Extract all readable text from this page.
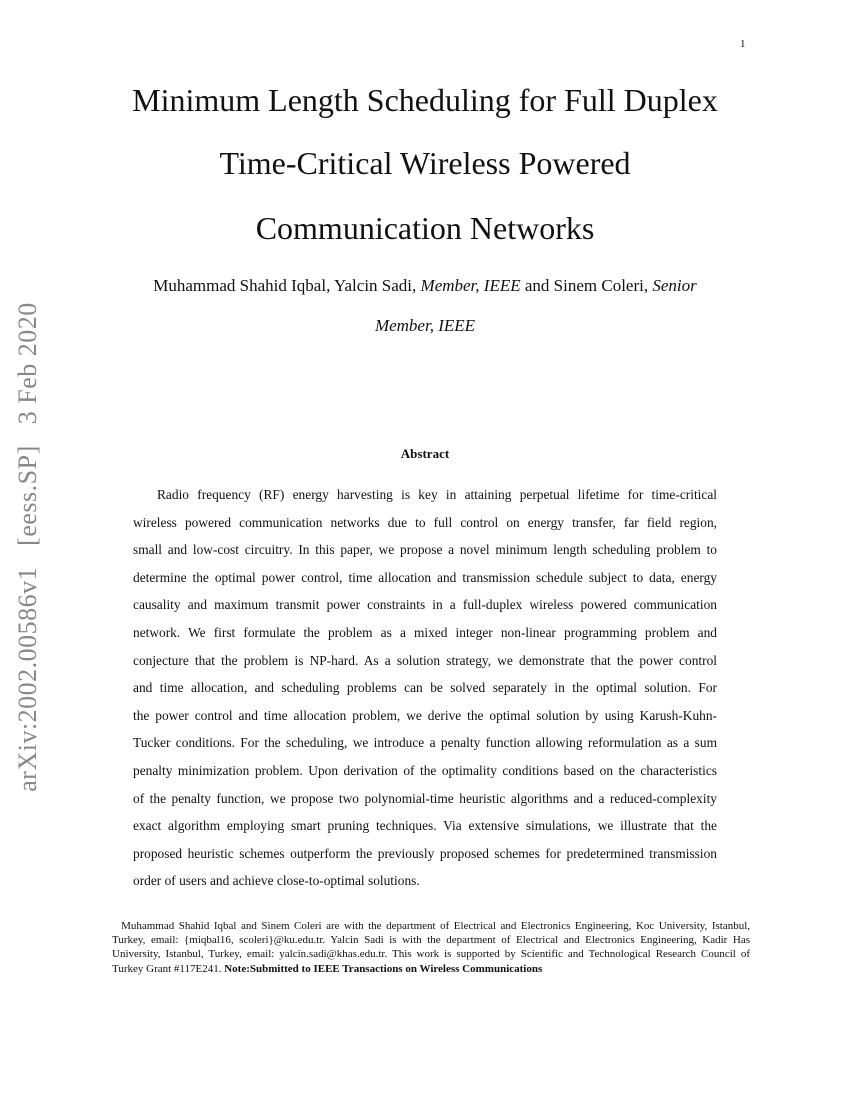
1
arXiv:2002.00586v1 [eess.SP] 3 Feb 2020
Minimum Length Scheduling for Full Duplex
Time-Critical Wireless Powered
Communication Networks
Muhammad Shahid Iqbal, Yalcin Sadi, Member, IEEE and Sinem Coleri, Senior
Member, IEEE
Abstract
Radio frequency (RF) energy harvesting is key in attaining perpetual lifetime for time-critical
wireless powered communication networks due to full control on energy transfer, far field region,
small and low-cost circuitry. In this paper, we propose a novel minimum length scheduling problem to
determine the optimal power control, time allocation and transmission schedule subject to data, energy
causality and maximum transmit power constraints in a full-duplex wireless powered communication
network. We first formulate the problem as a mixed integer non-linear programming problem and
conjecture that the problem is NP-hard. As a solution strategy, we demonstrate that the power control
and time allocation, and scheduling problems can be solved separately in the optimal solution. For
the power control and time allocation problem, we derive the optimal solution by using Karush-Kuhn-
Tucker conditions. For the scheduling, we introduce a penalty function allowing reformulation as a sum
penalty minimization problem. Upon derivation of the optimality conditions based on the characteristics
of the penalty function, we propose two polynomial-time heuristic algorithms and a reduced-complexity
exact algorithm employing smart pruning techniques. Via extensive simulations, we illustrate that the
proposed heuristic schemes outperform the previously proposed schemes for predetermined transmission
order of users and achieve close-to-optimal solutions.
Muhammad Shahid Iqbal and Sinem Coleri are with the department of Electrical and Electronics Engineering, Koc University, Istanbul, Turkey, email: {miqbal16, scoleri}@ku.edu.tr. Yalcin Sadi is with the department of Electrical and Electronics Engineering, Kadir Has University, Istanbul, Turkey, email: yalcin.sadi@khas.edu.tr. This work is supported by Scientific and Technological Research Council of Turkey Grant #117E241. Note:Submitted to IEEE Transactions on Wireless Communications
